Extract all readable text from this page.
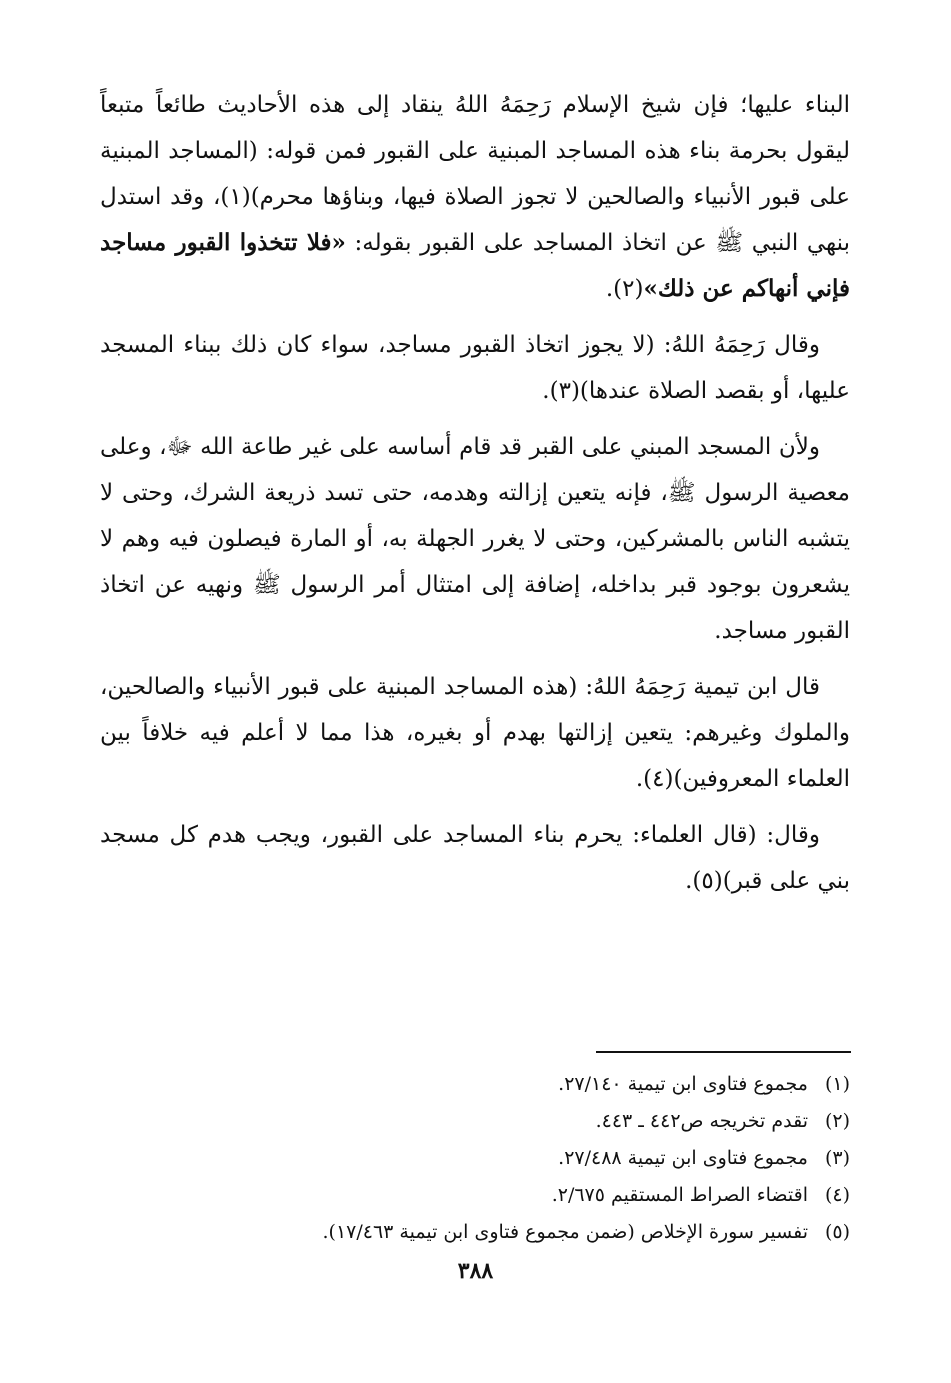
البناء عليها؛ فإن شيخ الإسلام رَحِمَهُ اللهُ ينقاد إلى هذه الأحاديث طائعاً متبعاً ليقول بحرمة بناء هذه المساجد المبنية على القبور فمن قوله: (المساجد المبنية على قبور الأنبياء والصالحين لا تجوز الصلاة فيها، وبناؤها محرم)(١)، وقد استدل بنهي النبي ﷺ عن اتخاذ المساجد على القبور بقوله: «فلا تتخذوا القبور مساجد فإني أنهاكم عن ذلك»(٢).

وقال رَحِمَهُ اللهُ: (لا يجوز اتخاذ القبور مساجد، سواء كان ذلك ببناء المسجد عليها، أو بقصد الصلاة عندها)(٣).

ولأن المسجد المبني على القبر قد قام أساسه على غير طاعة الله ﷻ، وعلى معصية الرسول ﷺ، فإنه يتعين إزالته وهدمه، حتى تسد ذريعة الشرك، وحتى لا يتشبه الناس بالمشركين، وحتى لا يغرر الجهلة به، أو المارة فيصلون فيه وهم لا يشعرون بوجود قبر بداخله، إضافة إلى امتثال أمر الرسول ﷺ ونهيه عن اتخاذ القبور مساجد.

قال ابن تيمية رَحِمَهُ اللهُ: (هذه المساجد المبنية على قبور الأنبياء والصالحين، والملوك وغيرهم: يتعين إزالتها بهدم أو بغيره، هذا مما لا أعلم فيه خلافاً بين العلماء المعروفين)(٤).

وقال: (قال العلماء: يحرم بناء المساجد على القبور، ويجب هدم كل مسجد بني على قبر)(٥).

(١)مجموع فتاوى ابن تيمية ٢٧/١٤٠.
(٢)تقدم تخريجه ص٤٤٢ ـ ٤٤٣.
(٣)مجموع فتاوى ابن تيمية ٢٧/٤٨٨.
(٤)اقتضاء الصراط المستقيم ٢/٦٧٥.
(٥)تفسير سورة الإخلاص (ضمن مجموع فتاوى ابن تيمية ١٧/٤٦٣).
٣٨٨
